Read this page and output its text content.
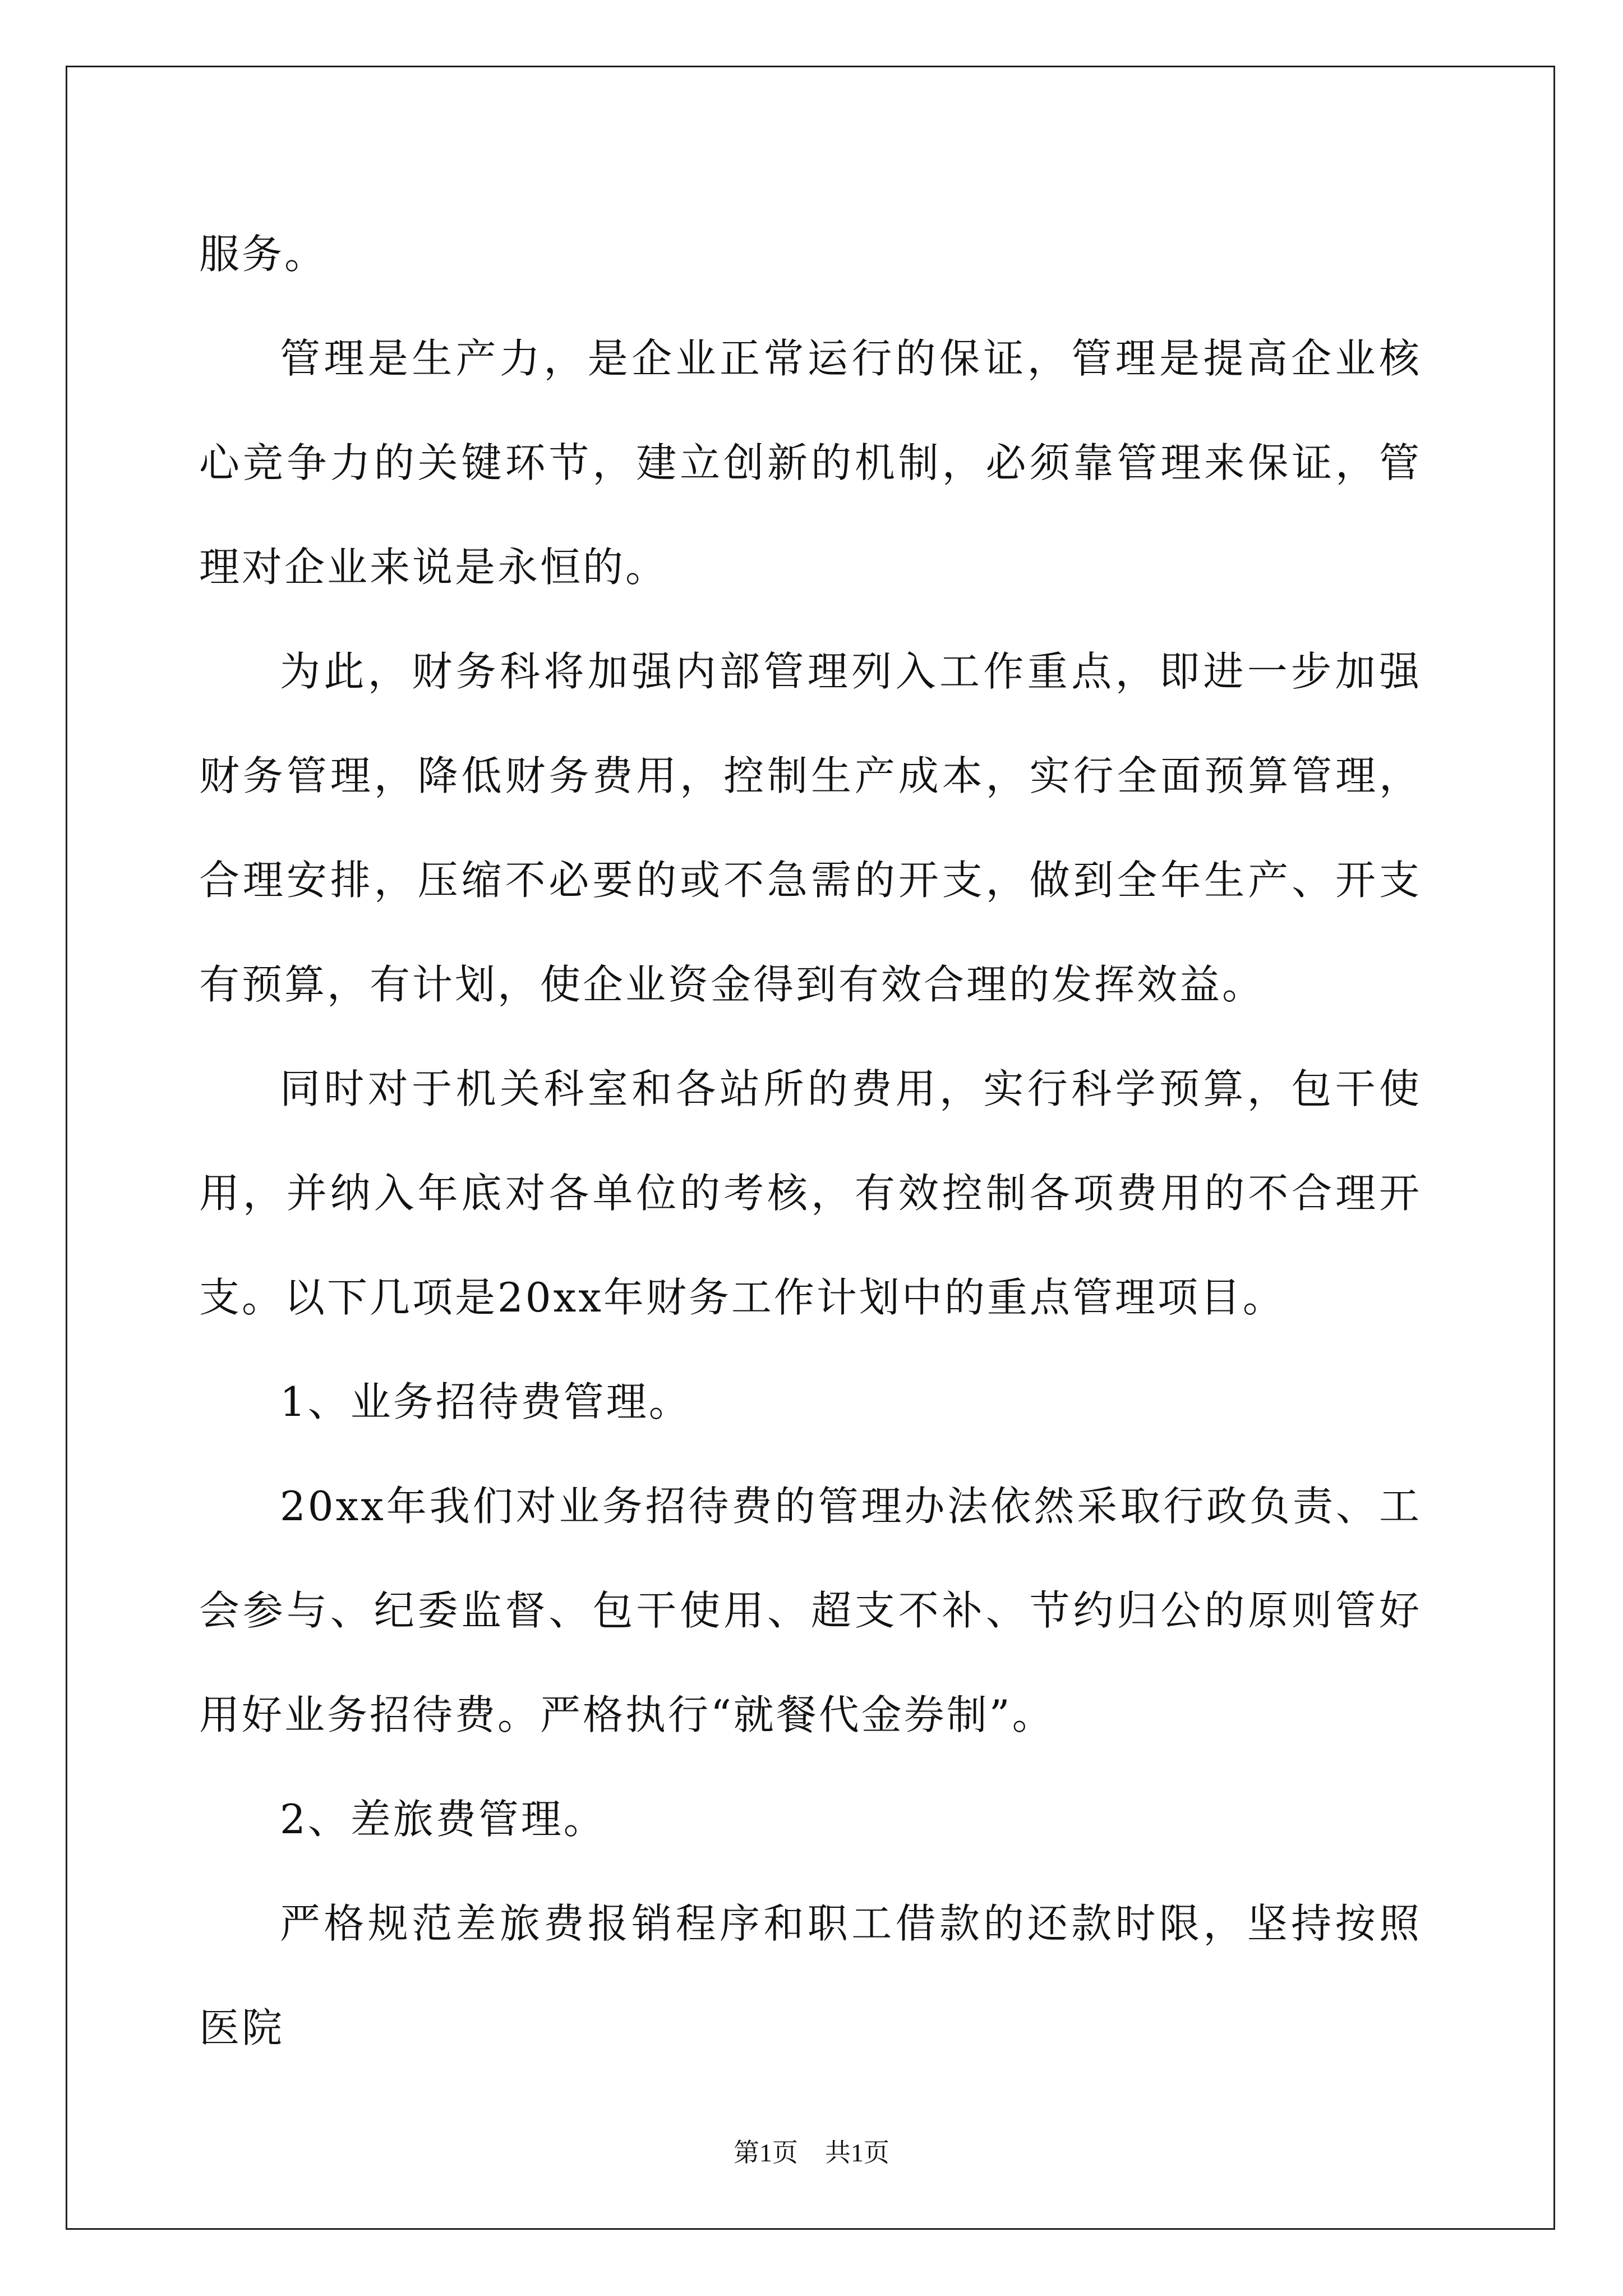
服务。

管理是生产力，是企业正常运行的保证，管理是提高企业核心竞争力的关键环节，建立创新的机制，必须靠管理来保证，管理对企业来说是永恒的。

为此，财务科将加强内部管理列入工作重点，即进一步加强财务管理，降低财务费用，控制生产成本，实行全面预算管理，合理安排，压缩不必要的或不急需的开支，做到全年生产、开支有预算，有计划，使企业资金得到有效合理的发挥效益。

同时对于机关科室和各站所的费用，实行科学预算，包干使用，并纳入年底对各单位的考核，有效控制各项费用的不合理开支。以下几项是20xx年财务工作计划中的重点管理项目。

1、业务招待费管理。

20xx年我们对业务招待费的管理办法依然采取行政负责、工会参与、纪委监督、包干使用、超支不补、节约归公的原则管好用好业务招待费。严格执行“就餐代金券制”。

2、差旅费管理。

严格规范差旅费报销程序和职工借款的还款时限，坚持按照医院

第1页 共1页
